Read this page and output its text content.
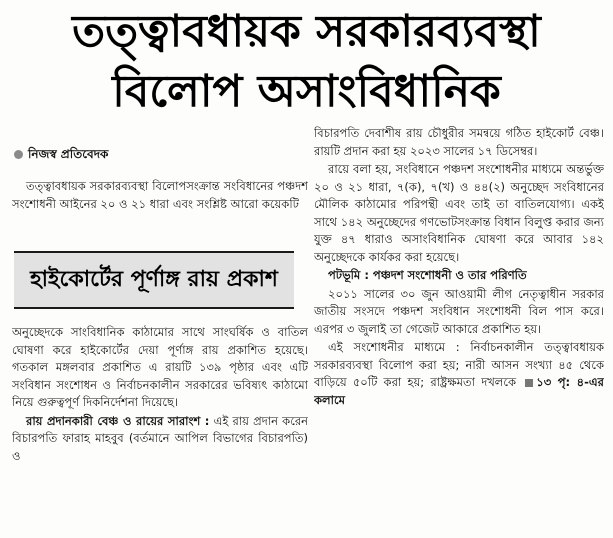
তত্ত্বাবধায়ক সরকারব্যবস্থা
বিলোপ অসাংবিধানিক
নিজস্ব প্রতিবেদক

তত্ত্বাবধায়ক সরকারব্যবস্থা বিলোপসংক্রান্ত সংবিধানের পঞ্চদশ সংশোধনী আইনের ২০ ও ২১ ধারা এবং সংশ্লিষ্ট আরো কয়েকটি

হাইকোর্টের পূর্ণাঙ্গ রায় প্রকাশ

অনুচ্ছেদকে সাংবিধানিক কাঠামোর সাথে সাংঘর্ষিক ও বাতিল ঘোষণা করে হাইকোর্টের দেয়া পূর্ণাঙ্গ রায় প্রকাশিত হয়েছে। গতকাল মঙ্গলবার প্রকাশিত এ রায়টি ১৩৯ পৃষ্ঠার এবং এটি সংবিধান সংশোধন ও নির্বাচনকালীন সরকারের ভবিষ্যৎ কাঠামো নিয়ে গুরুত্বপূর্ণ দিকনির্দেশনা দিয়েছে।

রায় প্রদানকারী বেঞ্চ ও রায়ের সারাংশ : এই রায় প্রদান করেন বিচারপতি ফারাহ মাহবুব (বর্তমানে আপিল বিভাগের বিচারপতি) ও

বিচারপতি দেবাশীষ রায় চৌধুরীর সমন্বয়ে গঠিত হাইকোর্ট বেঞ্চ। রায়টি প্রদান করা হয় ২০২৩ সালের ১৭ ডিসেম্বর।

রায়ে বলা হয়, সংবিধানে পঞ্চদশ সংশোধনীর মাধ্যমে অন্তর্ভুক্ত ২০ ও ২১ ধারা, ৭(ক), ৭(খ) ও ৪৪(২) অনুচ্ছেদ সংবিধানের মৌলিক কাঠামোর পরিপন্থী এবং তাই তা বাতিলযোগ্য। একই সাথে ১৪২ অনুচ্ছেদের গণভোটসংক্রান্ত বিধান বিলুপ্ত করার জন্য যুক্ত ৪৭ ধারাও অসাংবিধানিক ঘোষণা করে আবার ১৪২ অনুচ্ছেদকে কার্যকর করা হয়েছে।

পটভূমি : পঞ্চদশ সংশোধনী ও তার পরিণতি

২০১১ সালের ৩০ জুন আওয়ামী লীগ নেতৃত্বাধীন সরকার জাতীয় সংসদে পঞ্চদশ সংবিধান সংশোধনী বিল পাস করে। এরপর ৩ জুলাই তা গেজেট আকারে প্রকাশিত হয়।

এই সংশোধনীর মাধ্যমে : নির্বাচনকালীন তত্ত্বাবধায়ক সরকারব্যবস্থা বিলোপ করা হয়; নারী আসন সংখ্যা ৪৫ থেকে বাড়িয়ে ৫০টি করা হয়; রাষ্ট্রক্ষমতা দখলকে ১৩ পৃ: ৪-এর কলামে
